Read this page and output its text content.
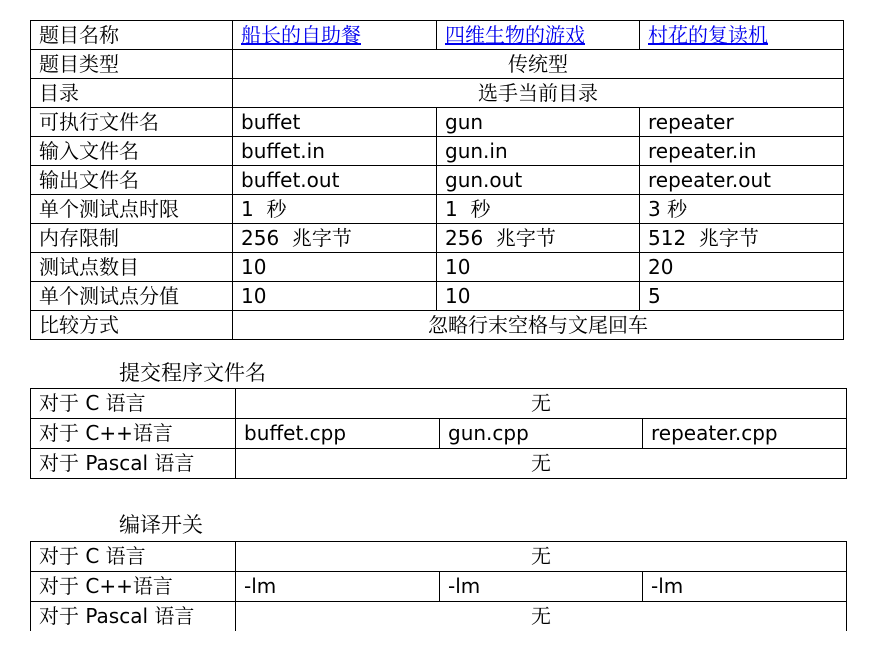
题目名称	船长的自助餐	四维生物的游戏	村花的复读机
题目类型	传统型		
目录	选手当前目录		
可执行文件名	buffet	gun	repeater
输入文件名	buffet.in	gun.in	repeater.in
输出文件名	buffet.out	gun.out	repeater.out
单个测试点时限	1  秒	1  秒	3 秒
内存限制	256  兆字节	256  兆字节	512  兆字节
测试点数目	10	10	20
单个测试点分值	10	10	5
比较方式	忽略行末空格与文尾回车		
提交程序文件名
对于 C 语言	无		
对于 C++语言	buffet.cpp	gun.cpp	repeater.cpp
对于 Pascal 语言	无		
编译开关
对于 C 语言	无		
对于 C++语言	-lm	-lm	-lm
对于 Pascal 语言	无		
